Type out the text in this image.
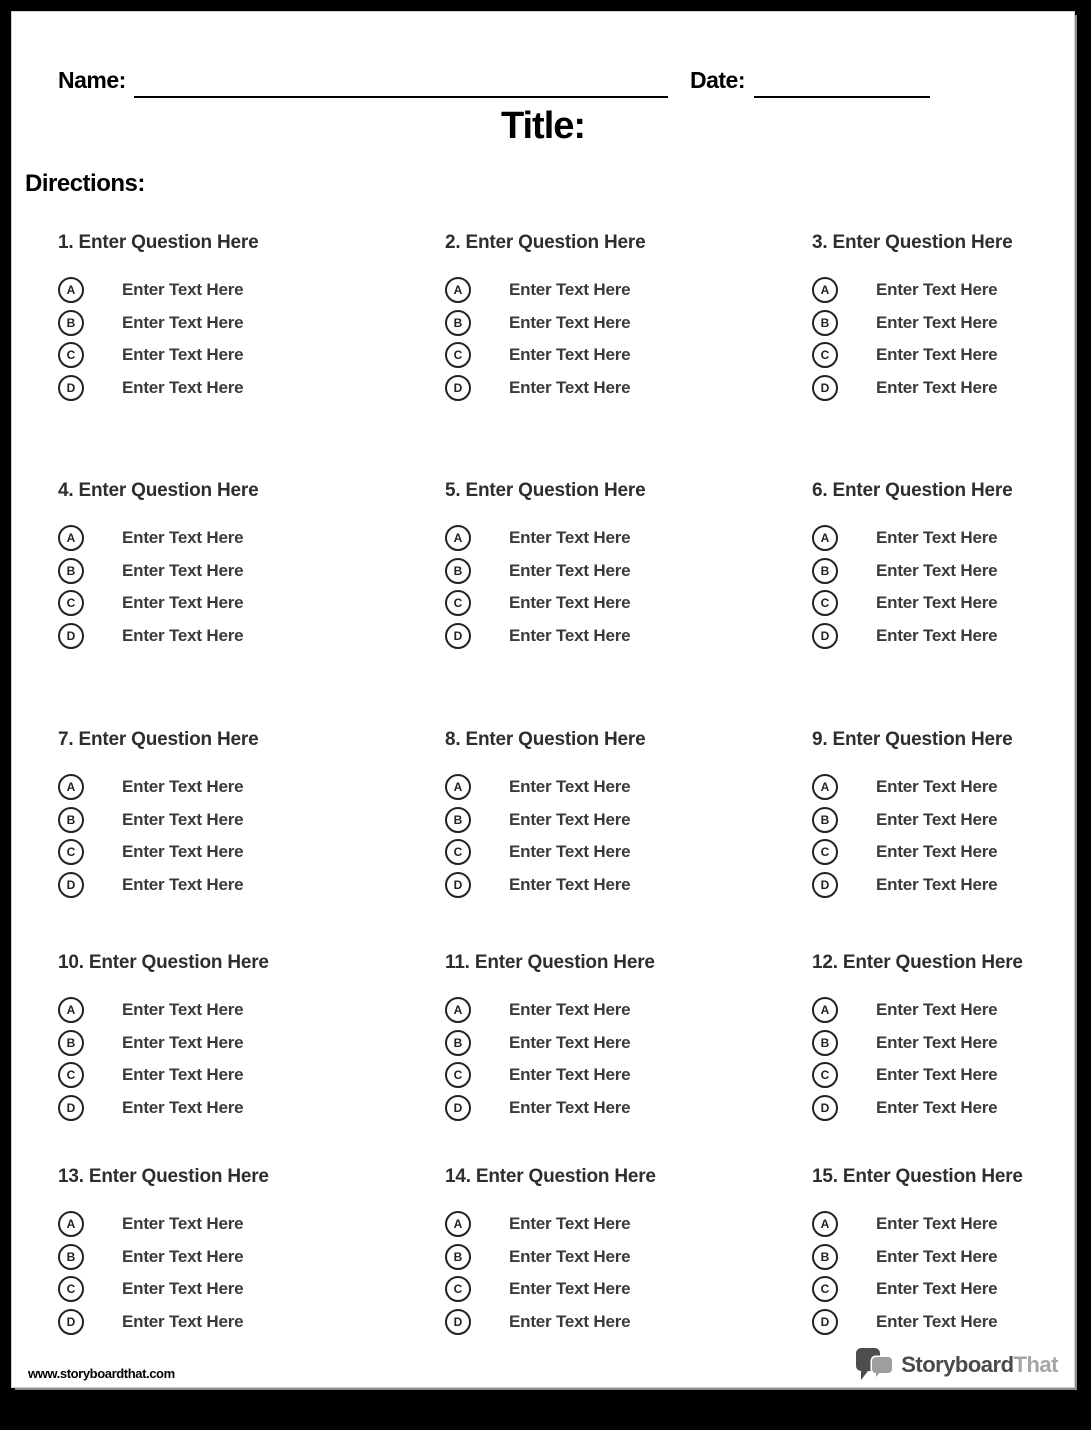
Name:	Date:
Title:
Directions:
1. Enter Question Here
A	Enter Text Here
B	Enter Text Here
C	Enter Text Here
D	Enter Text Here
2. Enter Question Here
A	Enter Text Here
B	Enter Text Here
C	Enter Text Here
D	Enter Text Here
3. Enter Question Here
A	Enter Text Here
B	Enter Text Here
C	Enter Text Here
D	Enter Text Here
4. Enter Question Here
A	Enter Text Here
B	Enter Text Here
C	Enter Text Here
D	Enter Text Here
5. Enter Question Here
A	Enter Text Here
B	Enter Text Here
C	Enter Text Here
D	Enter Text Here
6. Enter Question Here
A	Enter Text Here
B	Enter Text Here
C	Enter Text Here
D	Enter Text Here
7. Enter Question Here
A	Enter Text Here
B	Enter Text Here
C	Enter Text Here
D	Enter Text Here
8. Enter Question Here
A	Enter Text Here
B	Enter Text Here
C	Enter Text Here
D	Enter Text Here
9. Enter Question Here
A	Enter Text Here
B	Enter Text Here
C	Enter Text Here
D	Enter Text Here
10. Enter Question Here
A	Enter Text Here
B	Enter Text Here
C	Enter Text Here
D	Enter Text Here
11. Enter Question Here
A	Enter Text Here
B	Enter Text Here
C	Enter Text Here
D	Enter Text Here
12. Enter Question Here
A	Enter Text Here
B	Enter Text Here
C	Enter Text Here
D	Enter Text Here
13. Enter Question Here
A	Enter Text Here
B	Enter Text Here
C	Enter Text Here
D	Enter Text Here
14. Enter Question Here
A	Enter Text Here
B	Enter Text Here
C	Enter Text Here
D	Enter Text Here
15. Enter Question Here
A	Enter Text Here
B	Enter Text Here
C	Enter Text Here
D	Enter Text Here
www.storyboardthat.com	StoryboardThat
